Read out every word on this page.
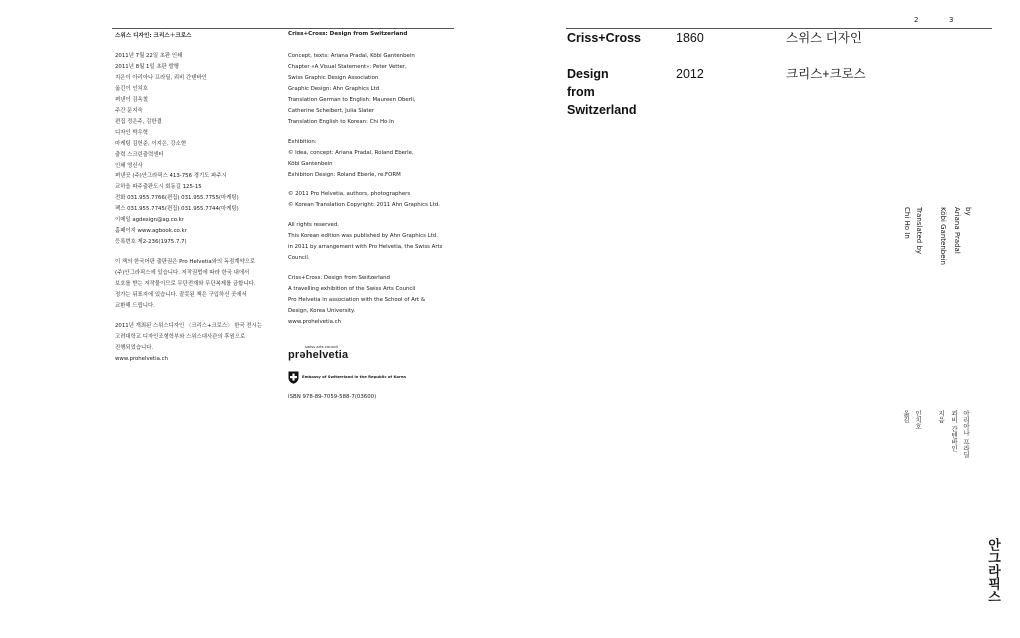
스위스 디자인: 크리스＋크로스	Criss+Cross: Design from Switzerland
2011년 7월 22일 초판 인쇄
2011년 8월 1일 초판 발행
지은이 아리아나 프라딜, 쾨비 간텐바인
옮긴이 인치호
펴낸이 김옥철
주간 문지숙
편집 정은주, 김한결
디자인 박우혁
마케팅 김헌준, 이지은, 강소현
출력 스크린출력센터
인쇄 영신사
펴낸곳 (주)안그라픽스 413-756 경기도 파주시
교하읍 파주출판도시 회동길 125-15
전화 031.955.7766(편집) 031.955.7755(마케팅)
팩스 031.955.7745(편집) 031.955.7744(마케팅)
이메일 agdesign@ag.co.kr
홈페이지 www.agbook.co.kr
등록번호 제2-236(1975.7.7)
이 책의 한국어판 출판권은 Pro Helvetia와의 독점계약으로
(주)안그라픽스에 있습니다. 저작권법에 따라 한국 내에서
보호를 받는 저작물이므로 무단전재와 무단복제를 금합니다.
정가는 뒤표지에 있습니다. 잘못된 책은 구입하신 곳에서
교환해 드립니다.
2011년 개최된 스위스디자인 〈크리스+크로스〉 한국 전시는
고려대학교 디자인조형학부와 스위스대사관의 후원으로
진행되었습니다.
www.prohelvetia.ch
Concept, texts: Ariana Pradal, Köbi Gantenbein
Chapter «A Visual Statement»: Peter Vetter,
Swiss Graphic Design Association
Graphic Design: Ahn Graphics Ltd
Translation German to English: Maureen Oberli,
Catherine Scheibert, Julia Slater
Translation English to Korean: Chi Ho In
Exhibition:
© Idea, concept: Ariana Pradal, Roland Eberle,
Köbi Gantenbein
Exhibiton Design: Roland Eberle, re.FORM
© 2011 Pro Helvetia, authors, photographers
© Korean Translation Copyright: 2011 Ahn Graphics Ltd.
All rights reserved.
This Korean edition was published by Ahn Graphics Ltd.
in 2011 by arrangement with Pro Helvetia, the Swiss Arts
Council.
Criss+Cross: Design from Switzerland
A travelling exhibition of the Swiss Arts Council
Pro Helvetia in association with the School of Art &
Design, Korea University.
www.prohelvetia.ch
swiss arts council
prǝhelvetia
Embassy of Switzerland in the Republic of Korea
ISBN 978-89-7059-588-7(03600)
2	3
Criss+Cross
Design
from
Switzerland
1860
2012
스위스 디자인
크리스+크로스
by
Ariana Pradal
Köbi Gantenbein
Translated by
Chi Ho In
아리아나 프라딜
쾨비 간텐바인
지음
인치호
옮김
안그라픽스
